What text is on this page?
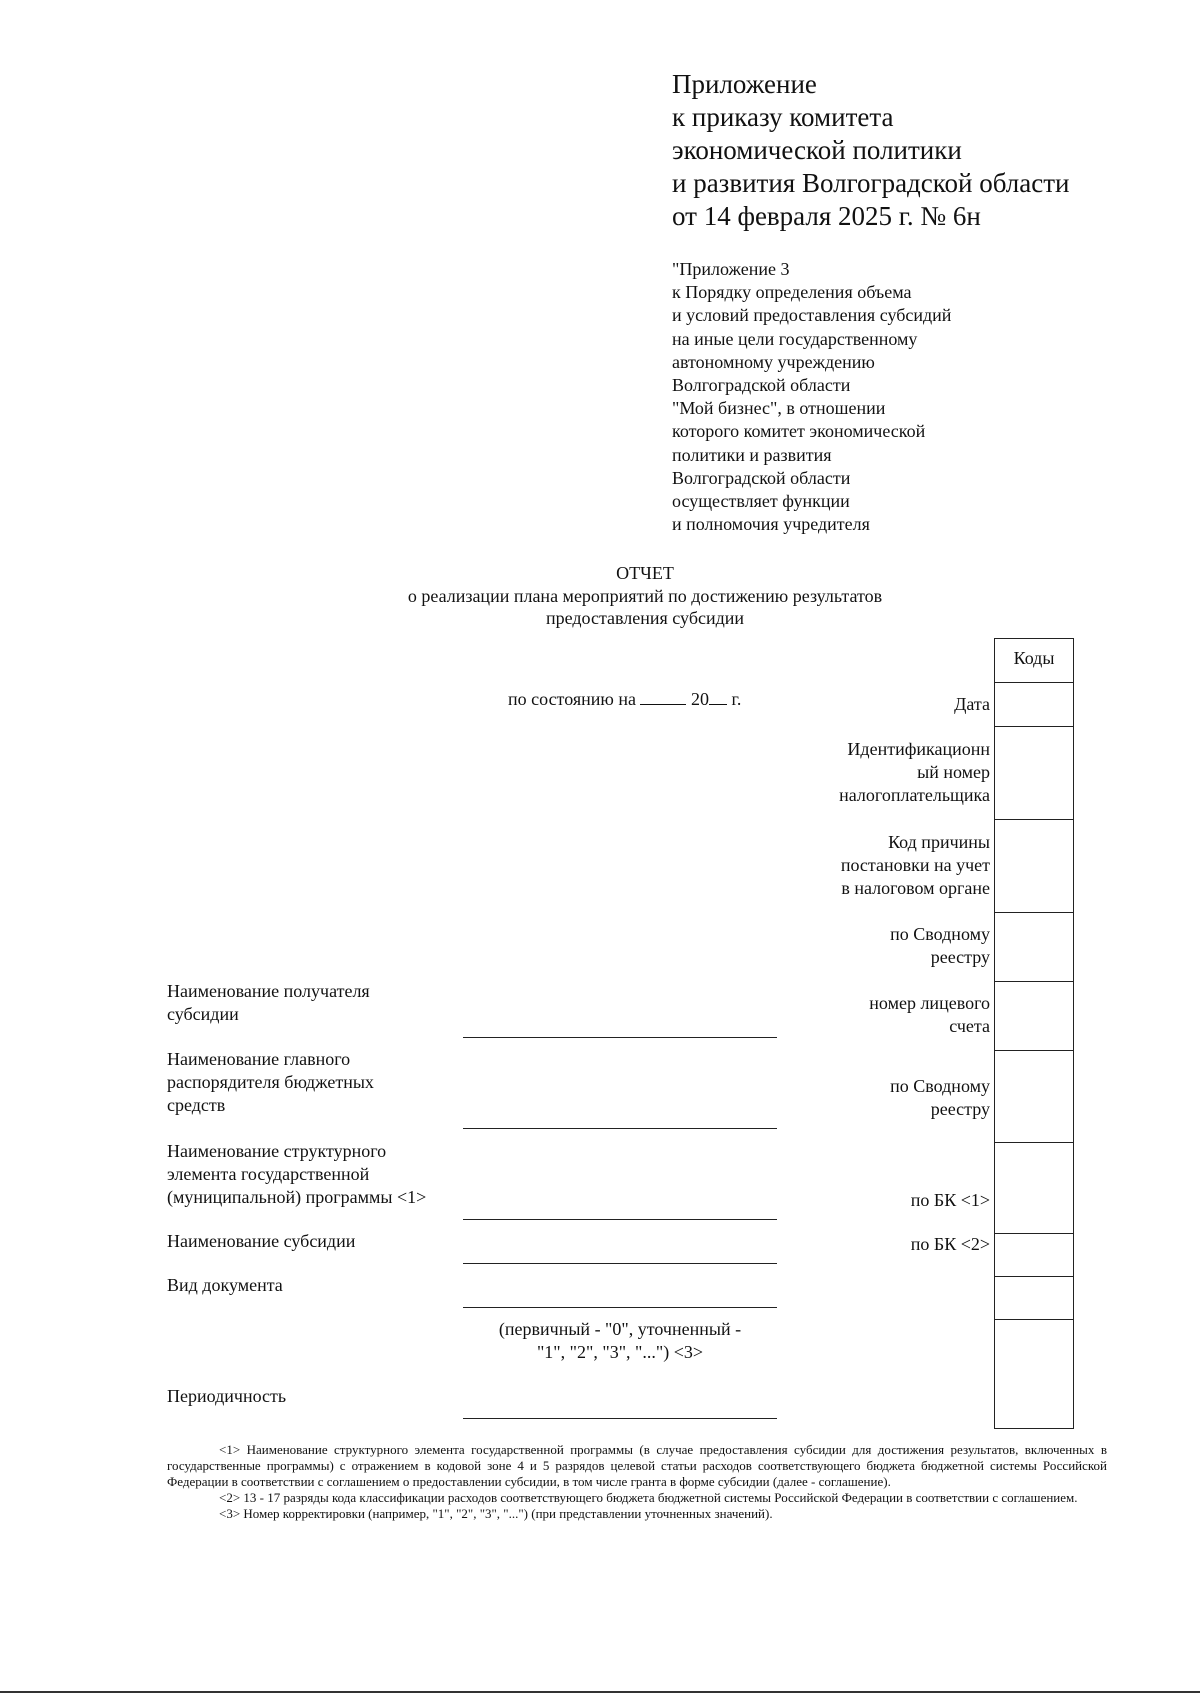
Приложение
к приказу комитета
экономической политики
и развития Волгоградской области
от 14 февраля 2025 г. № 6н
"Приложение 3
к Порядку определения объема
и условий предоставления субсидий
на иные цели государственному
автономному учреждению
Волгоградской области
"Мой бизнес", в отношении
которого комитет экономической
политики и развития
Волгоградской области
осуществляет функции
и полномочия учредителя
ОТЧЕТ
о реализации плана мероприятий по достижению результатов
предоставления субсидии
по состоянию на	20 г.
Коды
Дата
Идентификационн
ый номер
налогоплательщика
Код причины
постановки на учет
в налоговом органе
по Сводному
реестру
номер лицевого
счета
по Сводному
реестру
по БК <1>
по БК <2>
Наименование получателя
субсидии
Наименование главного
распорядителя бюджетных
средств
Наименование структурного
элемента государственной
(муниципальной) программы <1>
Наименование субсидии
Вид документа
(первичный - "0", уточненный -
"1", "2", "3", "...") <3>
Периодичность

<1> Наименование структурного элемента государственной программы (в случае предоставления субсидии для достижения результатов, включенных в государственные программы) с отражением в кодовой зоне 4 и 5 разрядов целевой статьи расходов соответствующего бюджета бюджетной системы Российской Федерации в соответствии с соглашением о предоставлении субсидии, в том числе гранта в форме субсидии (далее - соглашение).

<2> 13 - 17 разряды кода классификации расходов соответствующего бюджета бюджетной системы Российской Федерации в соответствии с соглашением.

<3> Номер корректировки (например, "1", "2", "3", "...") (при представлении уточненных значений).
